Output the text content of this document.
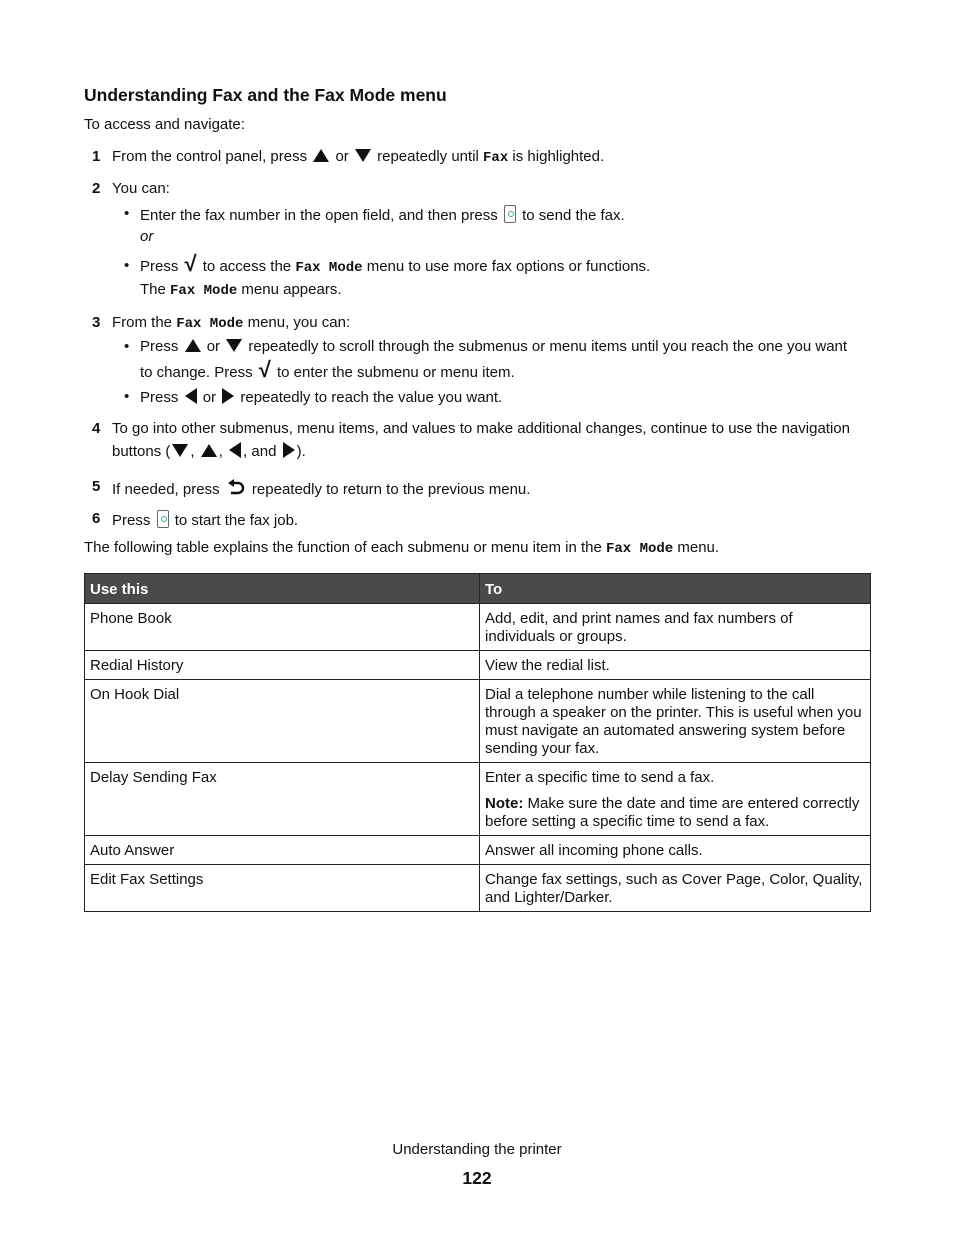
Understanding Fax and the Fax Mode menu
To access and navigate:
1 From the control panel, press or repeatedly until Fax is highlighted.
2 You can:
• Enter the fax number in the open field, and then press to send the fax.
or
• Press √ to access the Fax Mode menu to use more fax options or functions.
The Fax Mode menu appears.
3 From the Fax Mode menu, you can:
• Press or repeatedly to scroll through the submenus or menu items until you reach the one you want
to change. Press √ to enter the submenu or menu item.
• Press or repeatedly to reach the value you want.
4 To go into other submenus, menu items, and values to make additional changes, continue to use the navigation
buttons ( , , , and ).
5 If needed, press repeatedly to return to the previous menu.
6 Press to start the fax job.
The following table explains the function of each submenu or menu item in the Fax Mode menu.
Use this	To
Phone Book	Add, edit, and print names and fax numbers of individuals or groups.
Redial History	View the redial list.
On Hook Dial	Dial a telephone number while listening to the call through a speaker on the printer. This is useful when you must navigate an automated answering system before sending your fax.
Delay Sending Fax	Enter a specific time to send a fax.

Note: Make sure the date and time are entered correctly before setting a specific time to send a fax.

Auto Answer	Answer all incoming phone calls.
Edit Fax Settings	Change fax settings, such as Cover Page, Color, Quality, and Lighter/Darker.
Understanding the printer
122
